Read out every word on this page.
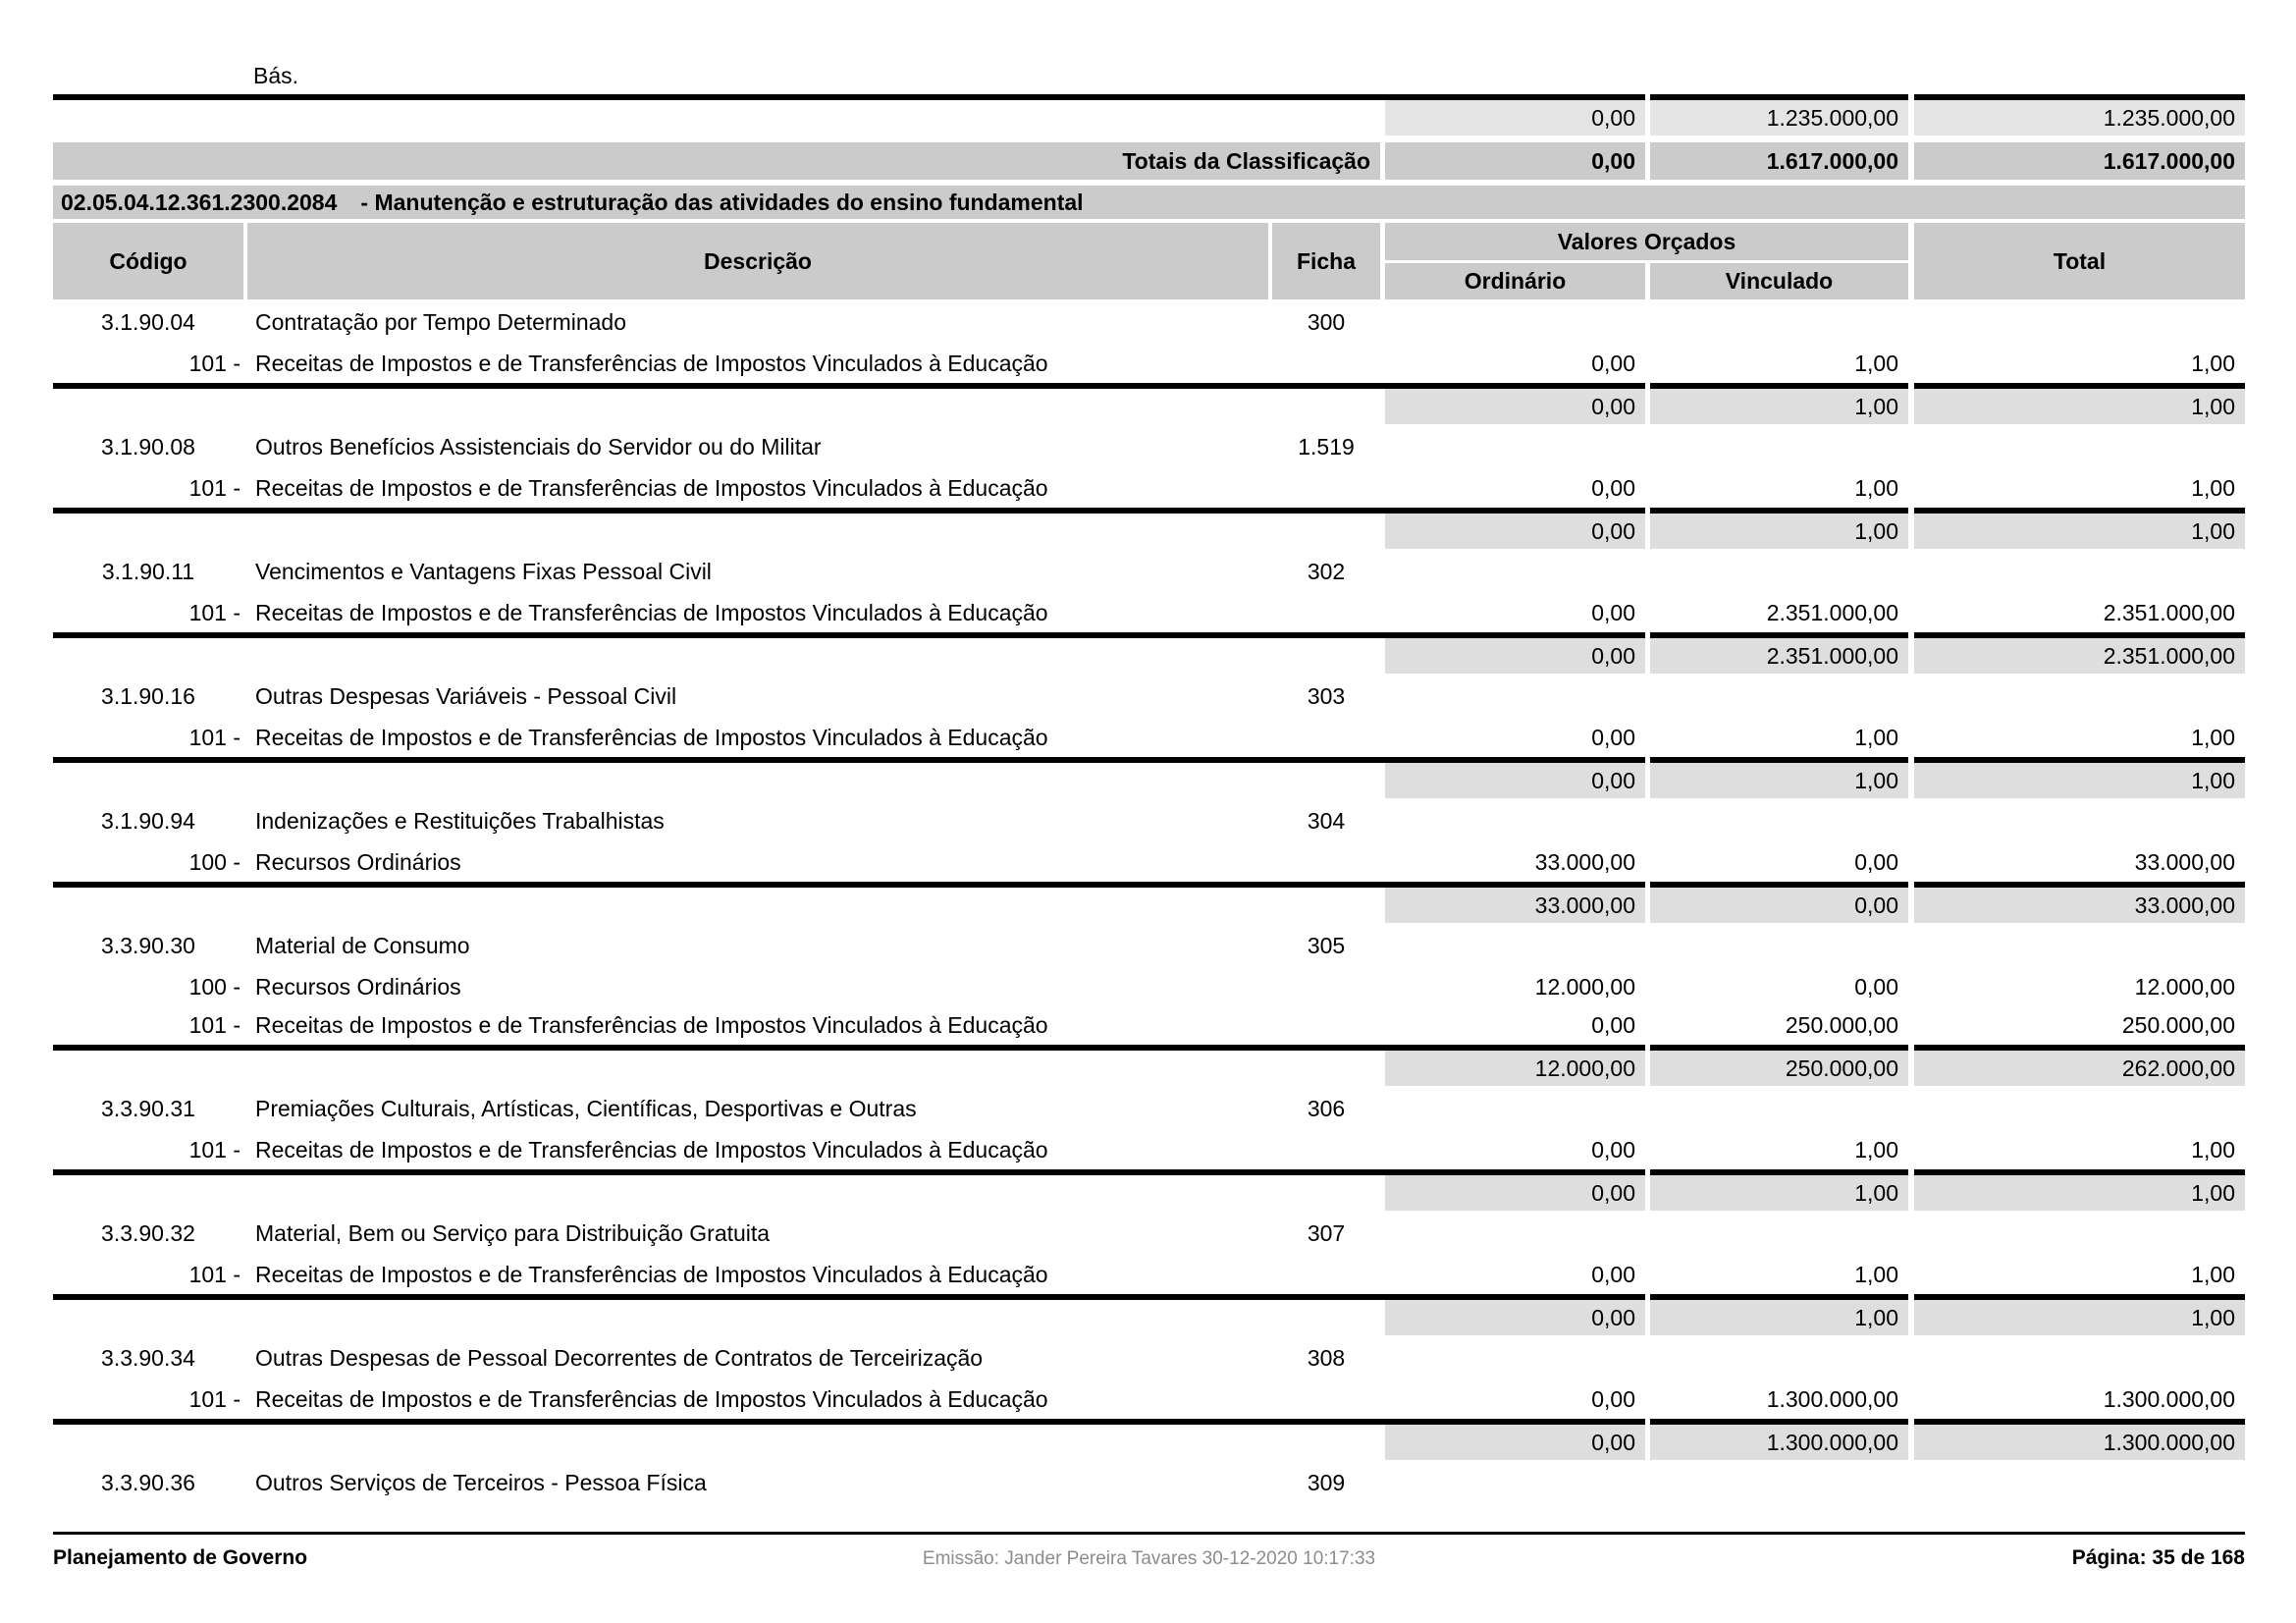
Bás.
0,00	1.235.000,00	1.235.000,00
Totais da Classificação	0,00	1.617.000,00	1.617.000,00
02.05.04.12.361.2300.2084 - Manutenção e estruturação das atividades do ensino fundamental
Código	Descrição	Ficha
Valores Orçados
Ordinário	Vinculado
Total
3.1.90.04	Contratação por Tempo Determinado	300
101 - Receitas de Impostos e de Transferências de Impostos Vinculados à Educação	0,00	1,00	1,00
0,00	1,00	1,00
3.1.90.08	Outros Benefícios Assistenciais do Servidor ou do Militar	1.519
101 - Receitas de Impostos e de Transferências de Impostos Vinculados à Educação	0,00	1,00	1,00
0,00	1,00	1,00
3.1.90.11	Vencimentos e Vantagens Fixas Pessoal Civil	302
101 - Receitas de Impostos e de Transferências de Impostos Vinculados à Educação	0,00	2.351.000,00	2.351.000,00
0,00	2.351.000,00	2.351.000,00
3.1.90.16	Outras Despesas Variáveis - Pessoal Civil	303
101 - Receitas de Impostos e de Transferências de Impostos Vinculados à Educação	0,00	1,00	1,00
0,00	1,00	1,00
3.1.90.94	Indenizações e Restituições Trabalhistas	304
100 - Recursos Ordinários	33.000,00	0,00	33.000,00
33.000,00	0,00	33.000,00
3.3.90.30	Material de Consumo	305
100 - Recursos Ordinários	12.000,00	0,00	12.000,00
101 - Receitas de Impostos e de Transferências de Impostos Vinculados à Educação	0,00	250.000,00	250.000,00
12.000,00	250.000,00	262.000,00
3.3.90.31	Premiações Culturais, Artísticas, Científicas, Desportivas e Outras	306
101 - Receitas de Impostos e de Transferências de Impostos Vinculados à Educação	0,00	1,00	1,00
0,00	1,00	1,00
3.3.90.32	Material, Bem ou Serviço para Distribuição Gratuita	307
101 - Receitas de Impostos e de Transferências de Impostos Vinculados à Educação	0,00	1,00	1,00
0,00	1,00	1,00
3.3.90.34	Outras Despesas de Pessoal Decorrentes de Contratos de Terceirização	308
101 - Receitas de Impostos e de Transferências de Impostos Vinculados à Educação	0,00	1.300.000,00	1.300.000,00
0,00	1.300.000,00	1.300.000,00
3.3.90.36	Outros Serviços de Terceiros - Pessoa Física	309
Planejamento de Governo	Emissão: Jander Pereira Tavares 30-12-2020 10:17:33	Página: 35 de 168
